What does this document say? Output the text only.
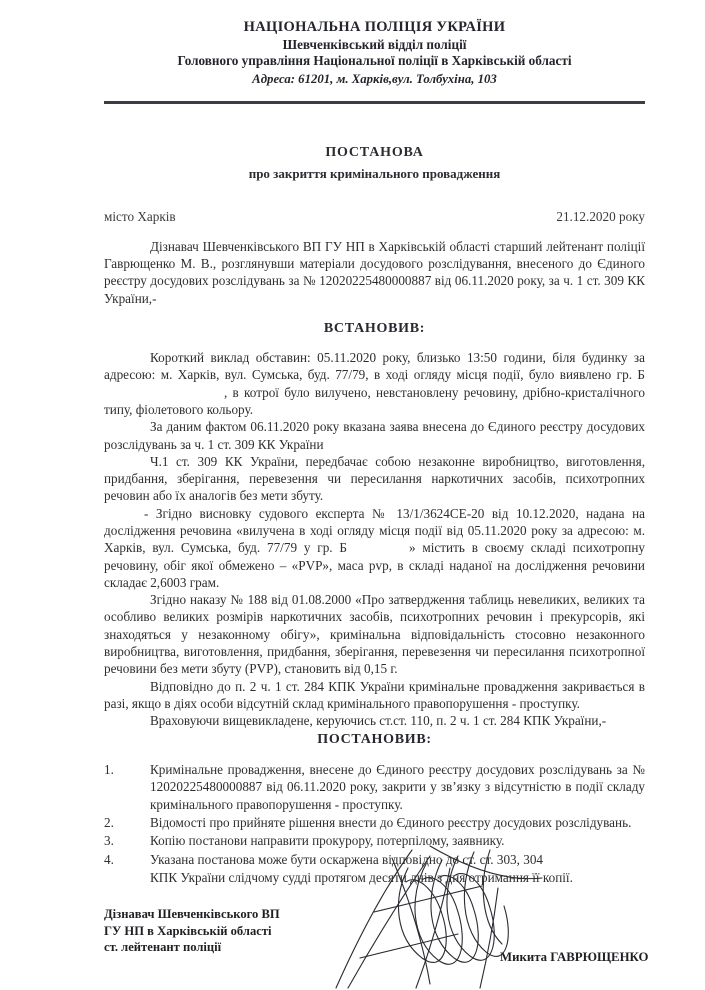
НАЦІОНАЛЬНА ПОЛІЦІЯ УКРАЇНИ
Шевченківський відділ поліції
Головного управління Національної поліції в Харківській області
Адреса: 61201, м. Харків,вул. Толбухіна, 103
ПОСТАНОВА
про закриття кримінального провадження
місто Харків	21.12.2020 року

Дізнавач Шевченківського ВП ГУ НП в Харківській області старший лейтенант поліції Гаврющенко М. В., розглянувши матеріали досудового розслідування, внесеного до Єдиного реєстру досудових розслідувань за № 12020225480000887 від 06.11.2020 року, за ч. 1 ст. 309 КК України,-

ВСТАНОВИВ:

Короткий виклад обставин: 05.11.2020 року, близько 13:50 години, біля будинку за адресою: м. Харків, вул. Сумська, буд. 77/79, в ході огляду місця події, було виявлено гр. Б, в котрої було вилучено, невстановлену речовину, дрібно-кристалічного типу, фіолетового кольору.

За даним фактом 06.11.2020 року вказана заява внесена до Єдиного реєстру досудових розслідувань за ч. 1 ст. 309 КК України

Ч.1 ст. 309 КК України, передбачає собою незаконне виробництво, виготовлення, придбання, зберігання, перевезення чи пересилання наркотичних засобів, психотропних речовин або їх аналогів без мети збуту.

- Згідно висновку судового експерта № 13/1/3624СЕ-20 від 10.12.2020, надана на дослідження речовина «вилучена в ході огляду місця події від 05.11.2020 року за адресою: м. Харків, вул. Сумська, буд. 77/79 у гр. Б	» містить в своєму складі психотропну речовину, обіг якої обмежено – «PVP», маса pvp, в складі наданої на дослідження речовини складає 2,6003 грам.

Згідно наказу № 188 від 01.08.2000 «Про затвердження таблиць невеликих, великих та особливо великих розмірів наркотичних засобів, психотропних речовин і прекурсорів, які знаходяться у незаконному обігу», кримінальна відповідальність стосовно незаконного виробництва, виготовлення, придбання, зберігання, перевезення чи пересилання психотропної речовини без мети збуту (PVP), становить від 0,15 г.

Відповідно до п. 2 ч. 1 ст. 284 КПК України кримінальне провадження закривається в разі, якщо в діях особи відсутній склад кримінального правопорушення - проступку.

Враховуючи вищевикладене, керуючись ст.ст. 110, п. 2 ч. 1 ст. 284 КПК України,-

ПОСТАНОВИВ:
1.	Кримінальне провадження, внесене до Єдиного реєстру досудових розслідувань за № 12020225480000887 від 06.11.2020 року, закрити у зв’язку з відсутністю в події складу кримінального правопорушення - проступку.
2.	Відомості про прийняте рішення внести до Єдиного реєстру досудових розслідувань.
3.	Копію постанови направити прокурору, потерпілому, заявнику.
4.	Указана постанова може бути оскаржена відповідно до ст. ст. 303, 304
КПК України слідчому судді протягом десяти днів з дня отримання її копії.
Дізнавач Шевченківського ВП
ГУ НП в Харківській області
ст. лейтенант поліції
Микита ГАВРЮЩЕНКО
